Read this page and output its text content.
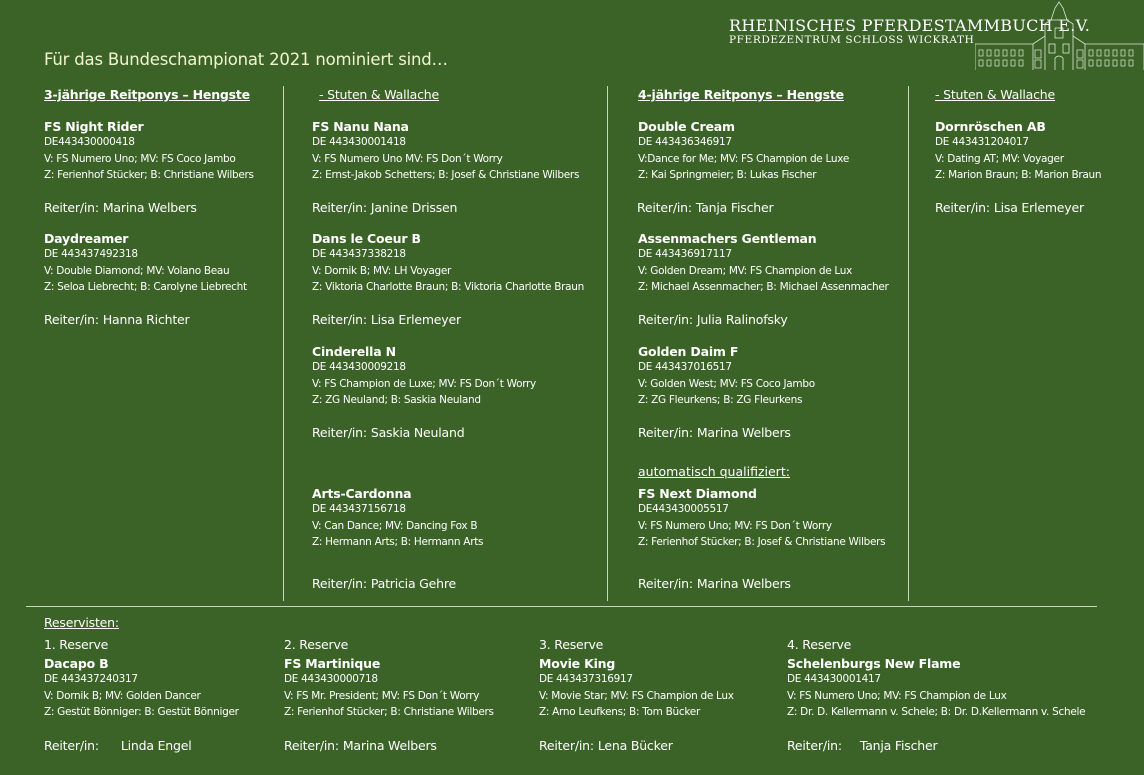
Für das Bundeschampionat 2021 nominiert sind…
RHEINISCHES PFERDESTAMMBUCH E.V.
PFERDEZENTRUM SCHLOSS WICKRATH
3-jährige Reitponys – Hengste
FS Night Rider
DE443430000418
V: FS Numero Uno; MV: FS Coco Jambo
Z: Ferienhof Stücker; B: Christiane Wilbers
Reiter/in: Marina Welbers
Daydreamer
DE 443437492318
V: Double Diamond; MV: Volano Beau
Z: Seloa Liebrecht; B: Carolyne Liebrecht
Reiter/in: Hanna Richter
- Stuten & Wallache
FS Nanu Nana
DE 443430001418
V: FS Numero Uno MV: FS Don´t Worry
Z: Ernst-Jakob Schetters; B: Josef & Christiane Wilbers
Reiter/in: Janine Drissen
Dans le Coeur B
DE 443437338218
V: Dornik B; MV: LH Voyager
Z: Viktoria Charlotte Braun; B: Viktoria Charlotte Braun
Reiter/in: Lisa Erlemeyer
Cinderella N
DE 443430009218
V: FS Champion de Luxe; MV: FS Don´t Worry
Z: ZG Neuland; B: Saskia Neuland
Reiter/in: Saskia Neuland
Arts-Cardonna
DE 443437156718
V: Can Dance; MV: Dancing Fox B
Z: Hermann Arts; B: Hermann Arts
Reiter/in: Patricia Gehre
4-jährige Reitponys – Hengste
Double Cream
DE 443436346917
V:Dance for Me; MV: FS Champion de Luxe
Z: Kai Springmeier; B: Lukas Fischer
Reiter/in: Tanja Fischer
Assenmachers Gentleman
DE 443436917117
V: Golden Dream; MV: FS Champion de Lux
Z: Michael Assenmacher; B: Michael Assenmacher
Reiter/in: Julia Ralinofsky
Golden Daim F
DE 443437016517
V: Golden West; MV: FS Coco Jambo
Z: ZG Fleurkens; B: ZG Fleurkens
Reiter/in: Marina Welbers
automatisch qualifiziert:
FS Next Diamond
DE443430005517
V: FS Numero Uno; MV: FS Don´t Worry
Z: Ferienhof Stücker; B: Josef & Christiane Wilbers
Reiter/in: Marina Welbers
- Stuten & Wallache
Dornröschen AB
DE 443431204017
V: Dating AT; MV: Voyager
Z: Marion Braun; B: Marion Braun
Reiter/in: Lisa Erlemeyer
Reservisten:
1. Reserve
Dacapo B
DE 443437240317
V: Dornik B; MV: Golden Dancer
Z: Gestüt Bönniger: B: Gestüt Bönniger
Reiter/in: Linda Engel
2. Reserve
FS Martinique
DE 443430000718
V: FS Mr. President; MV: FS Don´t Worry
Z: Ferienhof Stücker; B: Christiane Wilbers
Reiter/in: Marina Welbers
3. Reserve
Movie King
DE 443437316917
V: Movie Star; MV: FS Champion de Lux
Z: Arno Leufkens; B: Tom Bücker
Reiter/in: Lena Bücker
4. Reserve
Schelenburgs New Flame
DE 443430001417
V: FS Numero Uno; MV: FS Champion de Lux
Z: Dr. D. Kellermann v. Schele; B: Dr. D.Kellermann v. Schele
Reiter/in: Tanja Fischer
